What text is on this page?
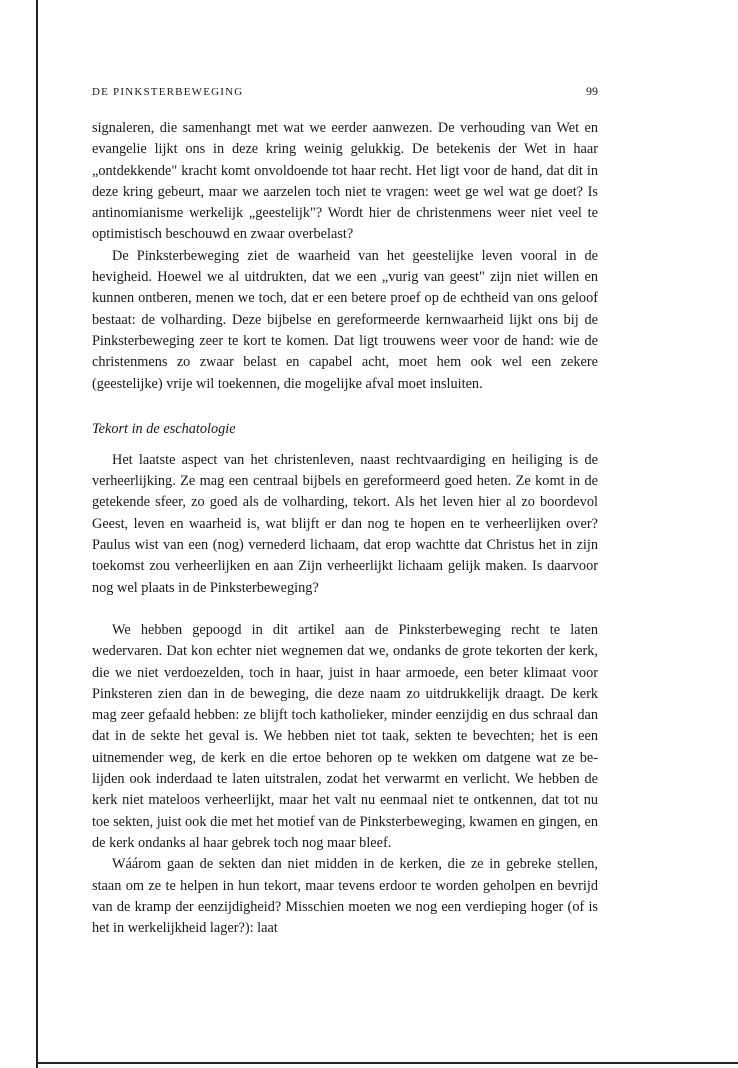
DE PINKSTERBEWEGING	99

signaleren, die samenhangt met wat we eerder aanwezen. De verhouding van Wet en evangelie lijkt ons in deze kring weinig gelukkig. De betekenis der Wet in haar „ontdekkende" kracht komt onvoldoende tot haar recht. Het ligt voor de hand, dat dit in deze kring gebeurt, maar we aarzelen toch niet te vragen: weet ge wel wat ge doet? Is antinomianisme werkelijk „geestelijk"? Wordt hier de christenmens weer niet veel te optimistisch beschouwd en zwaar overbelast?

De Pinksterbeweging ziet de waarheid van het geestelijke leven vooral in de hevigheid. Hoewel we al uitdrukten, dat we een „vurig van geest" zijn niet willen en kunnen ontberen, menen we toch, dat er een betere proef op de echtheid van ons geloof bestaat: de volharding. Deze bijbelse en gereformeerde kernwaarheid lijkt ons bij de Pinksterbeweging zeer te kort te komen. Dat ligt trouwens weer voor de hand: wie de christenmens zo zwaar belast en capabel acht, moet hem ook wel een zekere (geestelijke) vrije wil toekennen, die mogelijke afval moet insluiten.

Tekort in de eschatologie

Het laatste aspect van het christenleven, naast rechtvaardiging en heiliging is de verheerlijking. Ze mag een centraal bijbels en gereformeerd goed heten. Ze komt in de getekende sfeer, zo goed als de volharding, tekort. Als het leven hier al zo boordevol Geest, leven en waarheid is, wat blijft er dan nog te hopen en te verheerlijken over? Paulus wist van een (nog) vernederd lichaam, dat erop wachtte dat Christus het in zijn toekomst zou verheerlijken en aan Zijn verheerlijkt lichaam gelijk maken. Is daarvoor nog wel plaats in de Pinksterbeweging?

We hebben gepoogd in dit artikel aan de Pinksterbeweging recht te laten wedervaren. Dat kon echter niet wegnemen dat we, ondanks de grote tekorten der kerk, die we niet verdoezelden, toch in haar, juist in haar armoede, een beter klimaat voor Pinksteren zien dan in de beweging, die deze naam zo uitdrukkelijk draagt. De kerk mag zeer gefaald hebben: ze blijft toch katholieker, minder eenzijdig en dus schraal dan dat in de sekte het geval is. We hebben niet tot taak, sekten te bevechten; het is een uitnemender weg, de kerk en die ertoe behoren op te wekken om datgene wat ze belijden ook inderdaad te laten uitstralen, zodat het verwarmt en verlicht. We hebben de kerk niet mateloos verheerlijkt, maar het valt nu eenmaal niet te ontkennen, dat tot nu toe sekten, juist ook die met het motief van de Pinksterbeweging, kwamen en gingen, en de kerk ondanks al haar gebrek toch nog maar bleef.

Wáárom gaan de sekten dan niet midden in de kerken, die ze in gebreke stellen, staan om ze te helpen in hun tekort, maar tevens erdoor te worden geholpen en bevrijd van de kramp der eenzijdigheid? Misschien moeten we nog een verdieping hoger (of is het in werkelijkheid lager?): laat
